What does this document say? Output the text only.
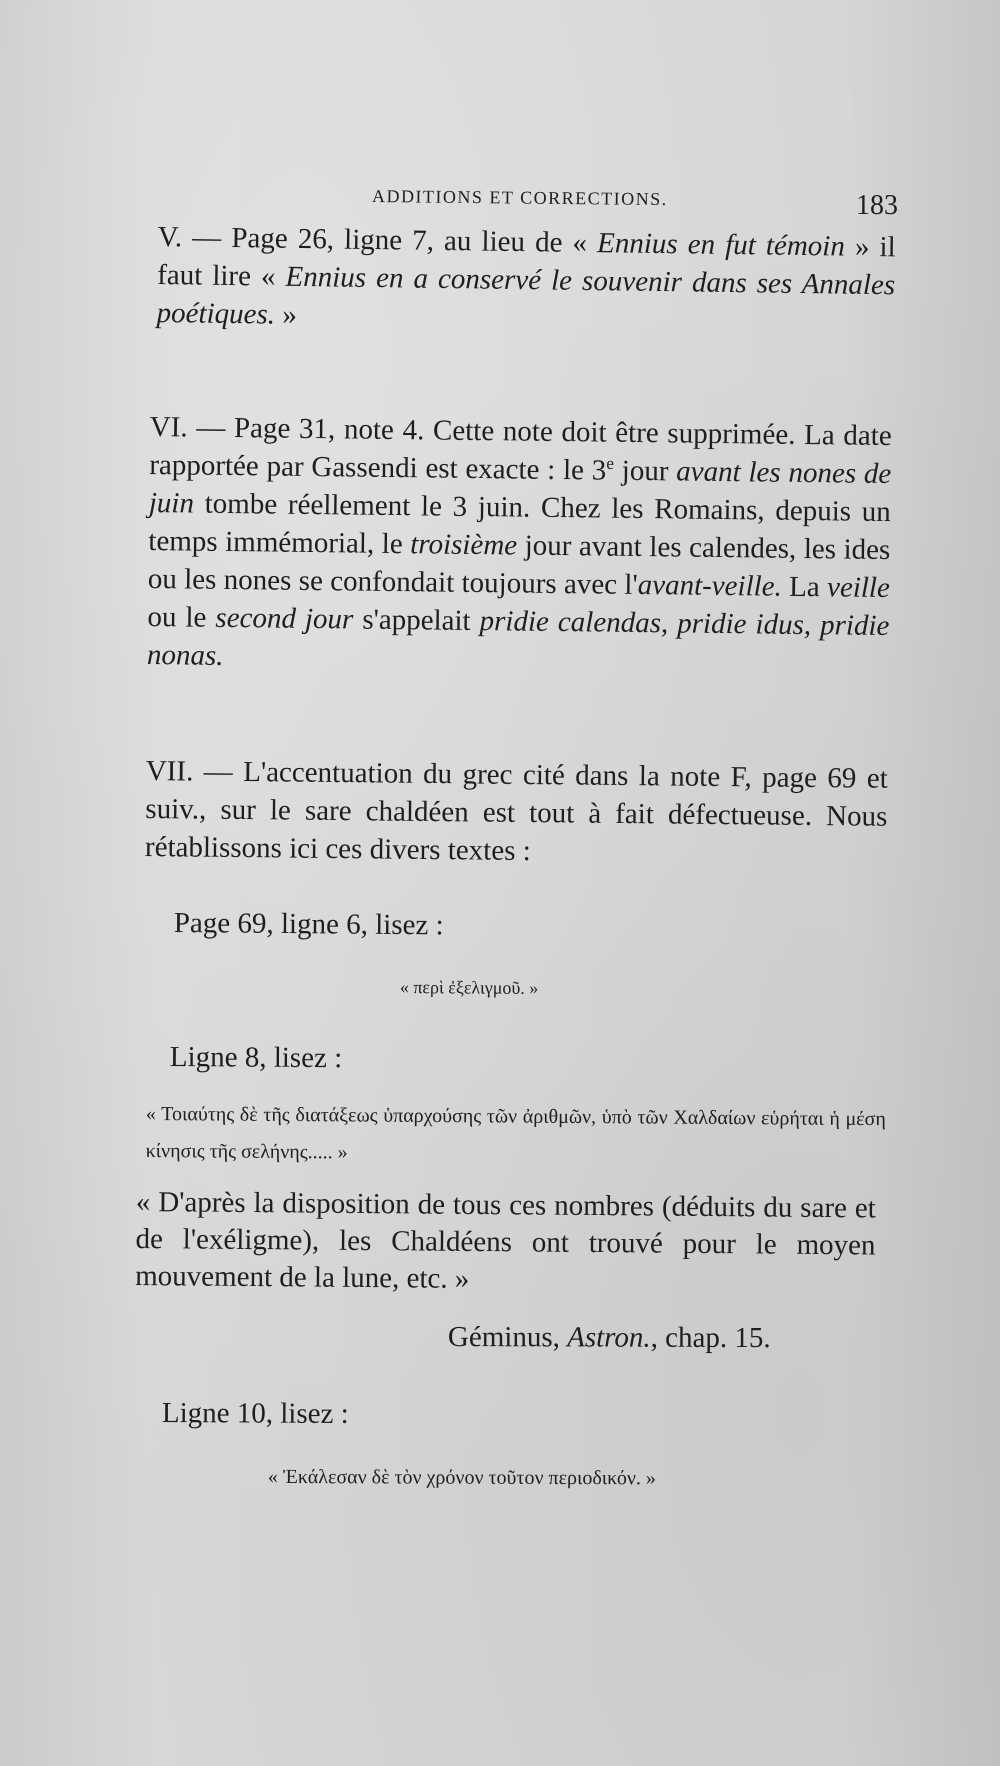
ADDITIONS ET CORRECTIONS.	183

V. — Page 26, ligne 7, au lieu de « Ennius en fut témoin » il faut lire « Ennius en a conservé le souvenir dans ses Annales poétiques. »

VI. — Page 31, note 4. Cette note doit être supprimée. La date rapportée par Gassendi est exacte : le 3e jour avant les nones de juin tombe réellement le 3 juin. Chez les Romains, depuis un temps immémorial, le troisième jour avant les calendes, les ides ou les nones se confondait toujours avec l'avant-veille. La veille ou le second jour s'appelait pridie calendas, pridie idus, pridie nonas.

VII. — L'accentuation du grec cité dans la note F, page 69 et suiv., sur le sare chaldéen est tout à fait défectueuse. Nous rétablissons ici ces divers textes :

Page 69, ligne 6, lisez :
« περὶ ἐξελιγμοῦ. »
Ligne 8, lisez :
« Τοιαύτης δὲ τῆς διατάξεως ὑπαρχούσης τῶν ἀριθμῶν, ὑπὸ τῶν Χαλδαίων εὑρήται ἡ μέση κίνησις τῆς σελήνης..... »

« D'après la disposition de tous ces nombres (déduits du sare et de l'exéligme), les Chaldéens ont trouvé pour le moyen mouvement de la lune, etc. »

Géminus, Astron., chap. 15.
Ligne 10, lisez :
« Ἐκάλεσαν δὲ τὸν χρόνον τοῦτον περιοδικόν. »
